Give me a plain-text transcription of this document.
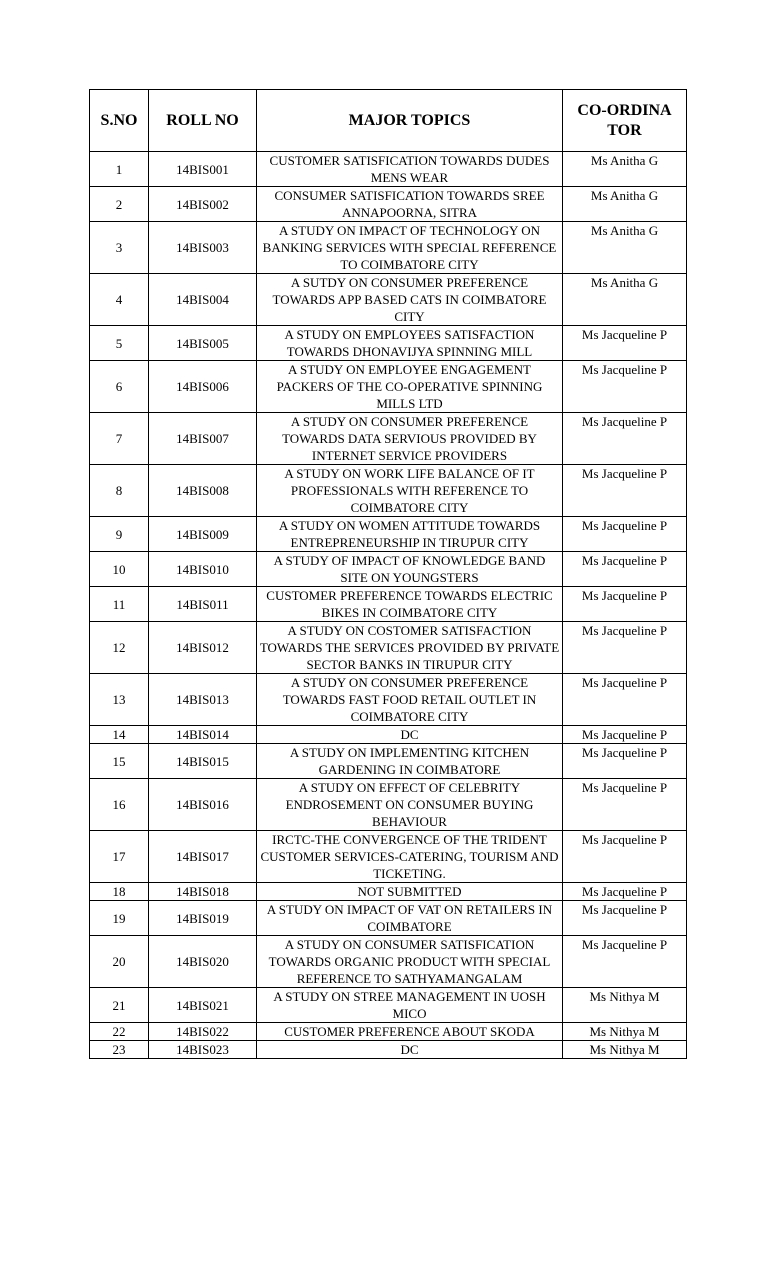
S.NO	ROLL NO	MAJOR TOPICS	CO-ORDINATOR
1	14BIS001	CUSTOMER SATISFICATION TOWARDS DUDES MENS WEAR	Ms Anitha G
2	14BIS002	CONSUMER SATISFICATION TOWARDS SREE ANNAPOORNA, SITRA	Ms Anitha G
3	14BIS003	A STUDY ON IMPACT OF TECHNOLOGY ON BANKING SERVICES WITH SPECIAL REFERENCE TO COIMBATORE CITY	Ms Anitha G
4	14BIS004	A SUTDY ON CONSUMER PREFERENCE TOWARDS APP BASED CATS IN COIMBATORE CITY	Ms Anitha G
5	14BIS005	A STUDY ON EMPLOYEES SATISFACTION TOWARDS DHONAVIJYA SPINNING MILL	Ms Jacqueline P
6	14BIS006	A STUDY ON EMPLOYEE ENGAGEMENT PACKERS OF THE CO-OPERATIVE SPINNING MILLS LTD	Ms Jacqueline P
7	14BIS007	A STUDY ON CONSUMER PREFERENCE TOWARDS DATA SERVIOUS PROVIDED BY INTERNET SERVICE PROVIDERS	Ms Jacqueline P
8	14BIS008	A STUDY ON WORK LIFE BALANCE OF IT PROFESSIONALS WITH REFERENCE TO COIMBATORE CITY	Ms Jacqueline P
9	14BIS009	A STUDY ON WOMEN ATTITUDE TOWARDS ENTREPRENEURSHIP IN TIRUPUR CITY	Ms Jacqueline P
10	14BIS010	A STUDY OF IMPACT OF KNOWLEDGE BAND SITE ON YOUNGSTERS	Ms Jacqueline P
11	14BIS011	CUSTOMER PREFERENCE TOWARDS ELECTRIC BIKES IN COIMBATORE CITY	Ms Jacqueline P
12	14BIS012	A STUDY ON COSTOMER SATISFACTION TOWARDS THE SERVICES PROVIDED BY PRIVATE SECTOR BANKS IN TIRUPUR CITY	Ms Jacqueline P
13	14BIS013	A STUDY ON CONSUMER PREFERENCE TOWARDS FAST FOOD RETAIL OUTLET IN COIMBATORE CITY	Ms Jacqueline P
14	14BIS014	DC	Ms Jacqueline P
15	14BIS015	A STUDY ON IMPLEMENTING KITCHEN GARDENING IN COIMBATORE	Ms Jacqueline P
16	14BIS016	A STUDY ON EFFECT OF CELEBRITY ENDROSEMENT ON CONSUMER BUYING BEHAVIOUR	Ms Jacqueline P
17	14BIS017	IRCTC-THE CONVERGENCE OF THE TRIDENT CUSTOMER SERVICES-CATERING, TOURISM AND TICKETING.	Ms Jacqueline P
18	14BIS018	NOT SUBMITTED	Ms Jacqueline P
19	14BIS019	A STUDY ON IMPACT OF VAT ON RETAILERS IN COIMBATORE	Ms Jacqueline P
20	14BIS020	A STUDY ON CONSUMER SATISFICATION TOWARDS ORGANIC PRODUCT WITH SPECIAL REFERENCE TO SATHYAMANGALAM	Ms Jacqueline P
21	14BIS021	A STUDY ON STREE MANAGEMENT IN UOSH MICO	Ms Nithya M
22	14BIS022	CUSTOMER PREFERENCE ABOUT SKODA	Ms Nithya M
23	14BIS023	DC	Ms Nithya M
